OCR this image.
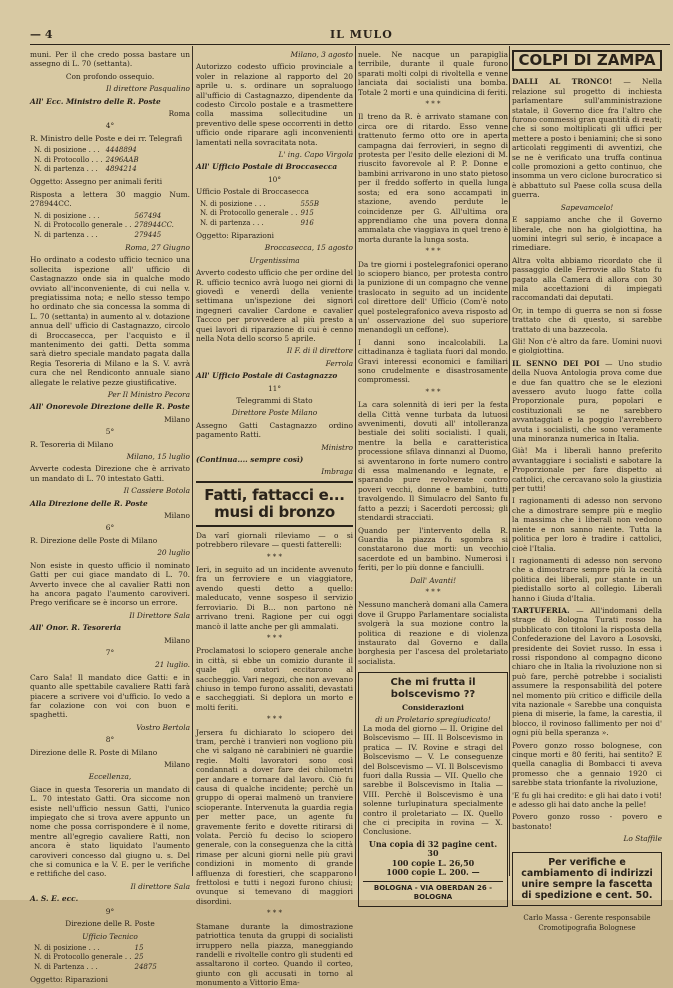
— 4	IL MULO

muni. Per il che credo possa bastare un assegno di L. 70 (settanta).

Con profondo ossequio.

Il direttore Pasqualino

All' Ecc. Ministro delle R. Poste

Roma

4°

R. Ministro delle Poste e dei rr. Telegrafi

N. di posizione . . .	4448894
N. di Protocollo . . .	2496AAB
N. di partenza . . .	4894214

Oggetto: Assegno per animali feriti

Risposta a lettera 30 maggio Num. 278944CC.

N. di posizione . . .	567494
N. di Protocollo generale . .	278944CC.
N. di partenza . . .	279445

Roma, 27 Giugno

Ho ordinato a codesto ufficio tecnico una sollecita ispezione all' ufficio di Castagnazzo onde sia in qualche modo ovviato all'inconveniente, di cui nella v. pregiatissima nota; e nello stesso tempo ho ordinato che sia concessa la somma di L. 70 (settanta) in aumento al v. dotazione annua dell' ufficio di Castagnazzo, circolo di Broccasecca, per l'acquisto e il mantenimento dei gatti. Detta somma sarà dietro speciale mandato pagata dalla Regia Tesoreria di Milano e la S. V. avrà cura che nel Rendiconto annuale siano allegate le relative pezze giustificative.

Per Il Ministro Pecora

All' Onorevole Direzione delle R. Poste

Milano

5°

R. Tesoreria di Milano

Milano, 15 luglio

Avverte codesta Direzione che è arrivato un mandato di L. 70 intestato Gatti.

Il Cassiere Botola

Alla Direzione delle R. Poste

Milano

6°

R. Direzione delle Poste di Milano

20 luglio

Non esiste in questo ufficio il nominato Gatti per cui giace mandato di L. 70. Avverto invece che al cavalier Ratti non ha ancora pagato l'aumento caroviveri. Prego verificare se è incorso un errore.

Il Direttore Sala

All' Onor. R. Tesoreria

Milano

7°

21 luglio.

Caro Sala! Il mandato dice Gatti: e in quanto alle spettabile cavaliere Ratti farà piacere a scrivere voi d'ufficio. Io vedo a far colazione con voi con buon e spaghetti.

Vostro Bertola

8°

Direzione delle R. Poste di Milano

Milano

Eccellenza,

Giace in questa Tesoreria un mandato di L. 70 intestato Gatti. Ora siccome non esiste nell'ufficio nessun Gatti, l'unico impiegato che si trova avere appunto un nome che possa corrispondere è il nome, mentre all'egregio cavaliere Ratti, non ancora è stato liquidato l'aumento caroviveri concesso dal giugno u. s. Del che si comunica e la V. E. per le verifiche e rettifiche del caso.

Il direttore Sala

A. S. E. ecc.

9°

Direzione delle R. Poste

Ufficio Tecnico

N. di posizione . . .	15
N. di Protocollo generale . .	25
N. di Partenza . . .	24875

Oggetto: Riparazioni

Milano, 3 agosto

Autorizzo codesto ufficio provinciale a voler in relazione al rapporto del 20 aprile u. s. ordinare un sopraluogo all'ufficio di Castagnazzo, dipendente da codesto Circolo postale e a trasmettere colla massima sollecitudine un preventivo delle spese occorrenti in detto ufficio onde riparare agli inconvenienti lamentati nella sovracitata nota.

L' ing. Capo Virgola

All' Ufficio Postale di Broccasecca

10°

Ufficio Postale di Broccasecca

N. di posizione . . .	555B
N. di Protocollo generale . .	915
N. di partenza . . .	916

Oggetto: Riparazioni

Broccasecca, 15 agosto

Urgentissima

Avverto codesto ufficio che per ordine del R. ufficio tecnico avrà luogo nei giorni di giovedì e venerdì della veniente settimana un'ispezione dei signori ingegneri cavalier Cardone e cavalier Taccco per provvedere al più presto a quei lavori di riparazione di cui è cenno nella Nota dello scorso 5 aprile.

Il F. di il direttore

Ferrola

All' Ufficio Postale di Castagnazzo

11°

Telegrammi di Stato

Direttore Poste Milano

Assegno Gatti Castagnazzo ordino pagamento Ratti.

Ministro

(Continua.... sempre così)

Imbraga

Fatti, fattacci e... musi di bronzo

Da varî giornali rileviamo — o si potrebbero rilevare — questi fatterelli:

* * *

Ieri, in seguito ad un incidente avvenuto fra un ferroviere e un viaggiatore, avendo questi detto a quello: maleducato, venne sospeso il servizio ferroviario. Di B... non partono nè arrivano treni. Ragione per cui oggi mancò il latte anche per gli ammalati.

* * *

Proclamatosi lo sciopero generale anche in città, si ebbe un comizio durante il quale gli oratori eccitarono al saccheggio. Vari negozi, che non avevano chiuso in tempo furono assaliti, devastati e saccheggiati. Si deplora un morto e molti feriti.

* * *

Jersera fu dichiarato lo sciopero dei tram, perchè i tranvieri non vogliono più che vi salgano nè carabinieri nè guardie regie. Molti lavoratori sono così condannati a dover fare dei chilometri per andare e tornare dal lavoro. Ciò fu causa di qualche incidente; perchè un gruppo di operai malmenò un tranviere scioperante. Intervenuta la guardia regia per metter pace, un agente fu gravemente ferito e dovette ritirarsi di volata. Perciò fu deciso lo sciopero generale, con la conseguenza che la città rimase per alcuni giorni nelle più gravi condizioni in momento di grande affluenza di forestieri, che scapparono frettolosi e tutti i negozi furono chiusi; ovunque si temevano di maggiori disordini.

* * *

Stamane durante la dimostrazione patriottica tenuta da gruppi di socialisti irruppero nella piazza, maneggiando randelli e rivoltelle contro gli studenti ed assaltarono il corteo. Quando il corteo, giunto con gli accusati in torno al monumento a Vittorio Ema-

nuele. Ne nacque un parapiglia terribile, durante il quale furono sparati molti colpi di rivoltella e venne lanciata dai socialisti una bomba. Totale 2 morti e una quindicina di feriti.

* * *

Il treno da R. è arrivato stamane con circa ore di ritardo. Esso venne trattenuto fermo otto ore in aperta campagna dai ferrovieri, in segno di protesta per l'esito delle elezioni di M. riuscito favorevole al P. P. Donne e bambini arrivarono in uno stato pietoso per il freddo sofferto in quella lunga sosta; ed era sono accampati in stazione, avendo perdute le coincidenze per G. All'ultima ora apprendiamo che una povera donna ammalata che viaggiava in quel treno è morta durante la lunga sosta.

* * *

Da tre giorni i postelegrafonici operano lo sciopero bianco, per protesta contro la punizione di un compagno che venne traslocato in seguito ad un incidente col direttore dell' Ufficio (Com'è noto quel postelegrafonico aveva risposto ad un' osservazione del suo superiore menandogli un ceffone).

I danni sono incalcolabili. La cittadinanza è tagliata fuori dal mondo. Gravi interessi economici e familiari sono crudelmente e disastrosamente compromessi.

* * *

La cara solennità di ieri per la festa della Città venne turbata da lutuosi avvenimenti, dovuti all' intolleranza bestiale dei soliti socialisti. I quali, mentre la bella e caratteristica processione sfilava dinnanzi al Duomo, si avventarono in forte numero contro di essa malmenando e legnate, e sparando pure revolverate contro poveri vecchi, donne e bambini, tutti travolgendo. Il Simulacro del Santo fu fatto a pezzi; i Sacerdoti percossi; gli stendardi stracciati.

Quando per l'intervento della R. Guardia la piazza fu sgombra si constatarono due morti: un vecchio sacerdote ed un bambino. Numerosi i feriti, per lo più donne e fanciulli.

Dall' Avanti!

* * *

Nessuno mancherà domani alla Camera dove il Gruppo Parlamentare socialista svolgerà la sua mozione contro la politica di reazione e di violenza instaurato dal Governo e dalla borghesia per l'ascesa del proletariato socialista.

Che mi frutta il bolscevismo ??
Considerazioni
di un Proletario spregiudicato!

La moda del giorno — II. Origine del Bolscevismo — III. Il Bolscevismo in pratica — IV. Rovine e stragi del Bolscevismo — V. Le conseguenze del Bolscevismo — VI. Il Bolscevismo fuori dalla Russia — VII. Quello che sarebbe il Bolscevismo in Italia — VIII. Perchè il Bolscevismo è una solenne turlupinatura specialmente contro il proletariato — IX. Quello che ci precipita in rovina — X. Conclusione.

Una copia di 32 pagine cent. 30
100 copie L. 26,50
1000 copie L. 200. —
BOLOGNA - VIA OBERDAN 26 - BOLOGNA
COLPI DI ZAMPA

DALLI AL TRONCO! — Nella relazione sul progetto di inchiesta parlamentare sull'amministrazione statale, il Governo dice fra l'altro che furono commessi gran quantità di reati; che si sono moltiplicati gli uffici per mettere a posto i beniamini; che si sono articolati reggimenti di avventizi, che se ne è verificato una truffa continua colle promozioni a getto continuo, che insomma un vero ciclone burocratico si è abbattuto sul Paese colla scusa della guerra.

Sapevamcelo!

E sappiamo anche che il Governo liberale, che non ha giolgiottina, ha uomini integri sul serio, è incapace a rimediare.

Altra volta abbiamo ricordato che il passaggio delle Ferrovie allo Stato fu pagato alla Camera di allora con 30 mila accettazioni di impiegati raccomandati dai deputati.

Or, in tempo di guerra se non si fosse trattato che di questo, si sarebbe trattato di una bazzecola.

Gli! Non c'è altro da fare. Uomini nuovi e giolgiottina.

IL SENNO DEI POI — Uno studio della Nuova Antologia prova come due e due fan quattro che se le elezioni avessero avuto luogo fatte colla Proporzionale pura, popolari e costituzionali se ne sarebbero avvantaggiati e la poggio l'avrebbero avuta i socialisti, che sono veramente una minoranza numerica in Italia.

Già! Ma i liberali hanno preferito avvantaggiare i socialisti e sabotare la Proporzionale per fare dispetto ai cattolici, che cercavano solo la giustizia per tutti!

I ragionamenti di adesso non servono che a dimostrare sempre più e meglio la massima che i liberali non vedono niente e non sanno niente. Tutta la politica per loro è tradire i cattolici, cioè l'Italia.

I ragionamenti di adesso non servono che a dimostrare sempre più la cecità politica dei liberali, pur stante in un piedistallo sorto al collegio. Liberali hanno i Giuda d'Italia.

TARTUFERIA. — All'indomani della strage di Bologna Turati rosso ha pubblicato con titoloni la risposta della Confederazione del Lavoro a Losovski, presidente dei Soviet russo. In essa i rossi rispondono al compagno dicono chiaro che in Italia la rivoluzione non si può fare, perchè potrebbe i socialisti assumere la responsabilità del potere nel momento più critico e difficile della vita nazionale « Sarebbe una conquista piena di miserie, la fame, la carestia, il blocco, il rovinoso fallimento per noi d' ogni più bella speranza ».

Povero gonzo rosso bolognese, con cinque morti e 80 feriti, hai sentito? E quella canaglia di Bombacci ti aveva promesso che a gennaio 1920 ci sarebbe stata trionfante la rivoluzione,

'E fu gli hai credito: e gli hai dato i voti! e adesso gli hai dato anche la pelle!

Povero gonzo rosso - povero e bastonato!

Lo Staffile

Per verifiche e cambiamento di indirizzi unire sempre la fascetta di spedizione e cent. 50.
Carlo Massa - Gerente responsabile
Cromotipografia Bolognese
